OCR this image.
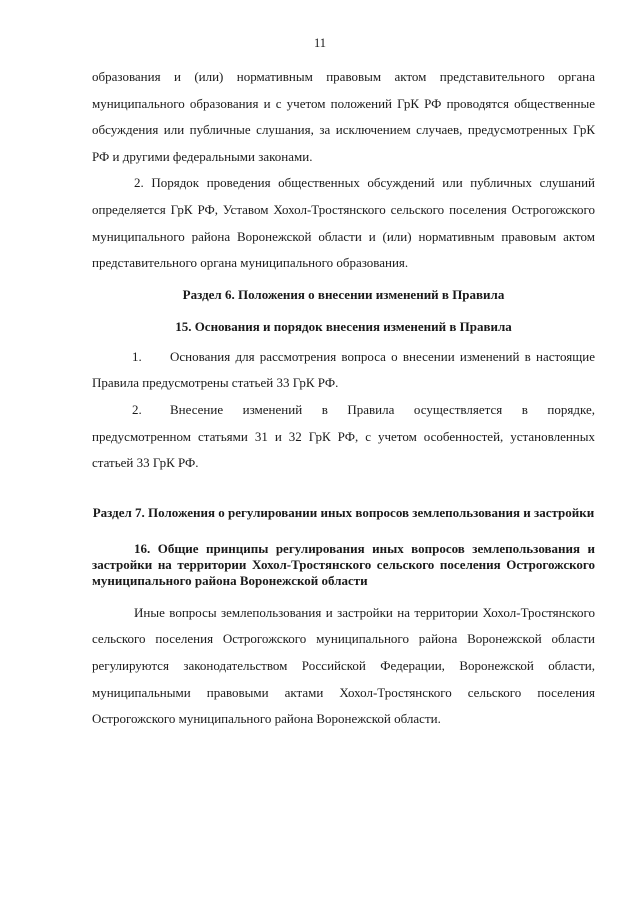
11

образования и (или) нормативным правовым актом представительного органа муниципального образования и с учетом положений ГрК РФ проводятся общественные обсуждения или публичные слушания, за исключением случаев, предусмотренных ГрК РФ и другими федеральными законами.

2. Порядок проведения общественных обсуждений или публичных слушаний определяется ГрК РФ, Уставом Хохол-Тростянского сельского поселения Острогожского муниципального района Воронежской области и (или) нормативным правовым актом представительного органа муниципального образования.

Раздел 6. Положения о внесении изменений в Правила
15. Основания и порядок внесения изменений в Правила

1. Основания для рассмотрения вопроса о внесении изменений в настоящие Правила предусмотрены статьей 33 ГрК РФ.

2. Внесение изменений в Правила осуществляется в порядке, предусмотренном статьями 31 и 32 ГрК РФ, с учетом особенностей, установленных статьей 33 ГрК РФ.

Раздел 7. Положения о регулировании иных вопросов землепользования и застройки
16. Общие принципы регулирования иных вопросов землепользования и застройки на территории Хохол-Тростянского сельского поселения Острогожского муниципального района Воронежской области

Иные вопросы землепользования и застройки на территории Хохол-Тростянского сельского поселения Острогожского муниципального района Воронежской области регулируются законодательством Российской Федерации, Воронежской области, муниципальными правовыми актами Хохол-Тростянского сельского поселения Острогожского муниципального района Воронежской области.
